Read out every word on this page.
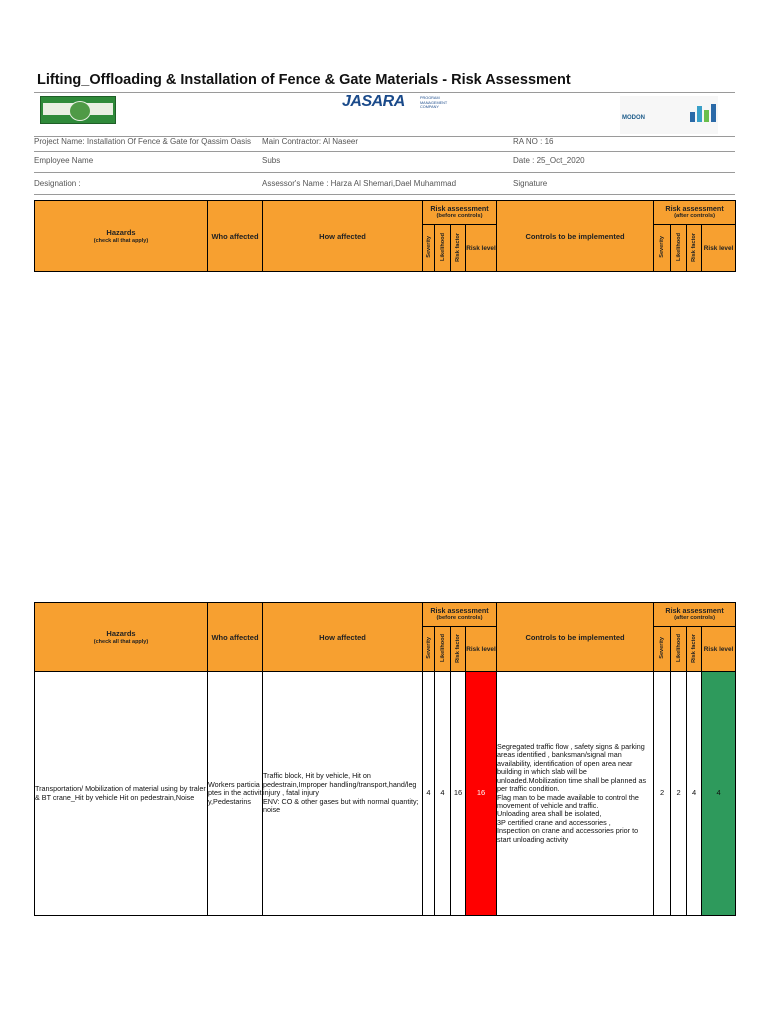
Lifting_Offloading & Installation of Fence & Gate Materials - Risk Assessment
JASARA	PROGRAM
MANAGEMENT
COMPANY
MODON
Project Name: Installation Of Fence & Gate for Qassim Oasis Main Contractor: Al Naseer	RA NO : 16
Employee Name	Subs	Date : 25_Oct_2020
Designation :	Assessor's Name : Harza Al Shemari,Dael Muhammad	Signature
Hazards
(check all that apply)	Who affected	How affected	Risk assessment
(before controls)				Controls to be implemented	Risk assessment
(after controls)			

			Severity	Likelihood	Risk factor	Risk level		Severity	Likelihood	Risk factor	Risk level
Hazards
(check all that apply)	Who affected	How affected	Risk assessment
(before controls)				Controls to be implemented	Risk assessment
(after controls)			

			Severity	Likelihood	Risk factor	Risk level		Severity	Likelihood	Risk factor	Risk level
Transportation/ Mobilization of material using by traler & BT crane_Hit by vehicle Hit on pedestrain,Noise	Workers particiaptes in the activity,Pedestarins	Traffic block, Hit by vehicle, Hit on pedestrain,Improper handling/transport,hand/leg injury , fatal injury
ENV: CO & other gases but with normal quantity; noise	4	4	16	16	Segregated traffic flow , safety signs & parking areas identified , banksman/signal man availability, identification of open area near building in which slab will be unloaded.Mobilization time shall be planned as per traffic condition.
Flag man to be made available to control the movement of vehicle and traffic.
Unloading area shall be isolated,
3P certified crane and accessories ,
Inspection on crane and accessories prior to start unloading activity	2	2	4	4
